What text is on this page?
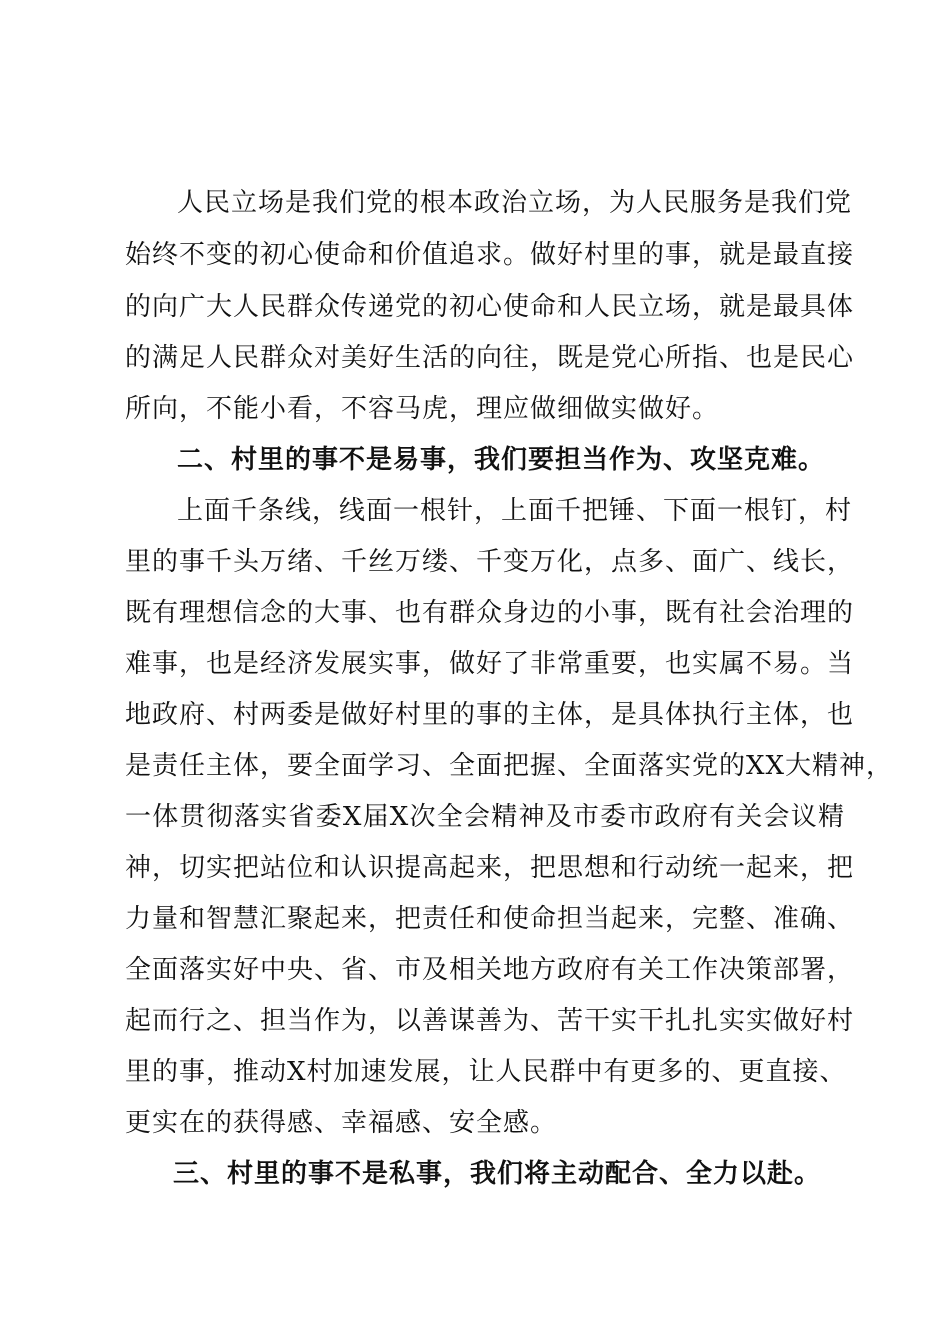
人民立场是我们党的根本政治立场，为人民服务是我们党
始终不变的初心使命和价值追求。做好村里的事，就是最直接
的向广大人民群众传递党的初心使命和人民立场，就是最具体
的满足人民群众对美好生活的向往，既是党心所指、也是民心
所向，不能小看，不容马虎，理应做细做实做好。
二、村里的事不是易事，我们要担当作为、攻坚克难。
上面千条线，线面一根针，上面千把锤、下面一根钉，村
里的事千头万绪、千丝万缕、千变万化，点多、面广、线长，
既有理想信念的大事、也有群众身边的小事，既有社会治理的
难事，也是经济发展实事，做好了非常重要，也实属不易。当
地政府、村两委是做好村里的事的主体，是具体执行主体，也
是责任主体，要全面学习、全面把握、全面落实党的XX大精神，
一体贯彻落实省委X届X次全会精神及市委市政府有关会议精
神，切实把站位和认识提高起来，把思想和行动统一起来，把
力量和智慧汇聚起来，把责任和使命担当起来，完整、准确、
全面落实好中央、省、市及相关地方政府有关工作决策部署，
起而行之、担当作为，以善谋善为、苦干实干扎扎实实做好村
里的事，推动X村加速发展，让人民群中有更多的、更直接、
更实在的获得感、幸福感、安全感。
三、村里的事不是私事，我们将主动配合、全力以赴。
